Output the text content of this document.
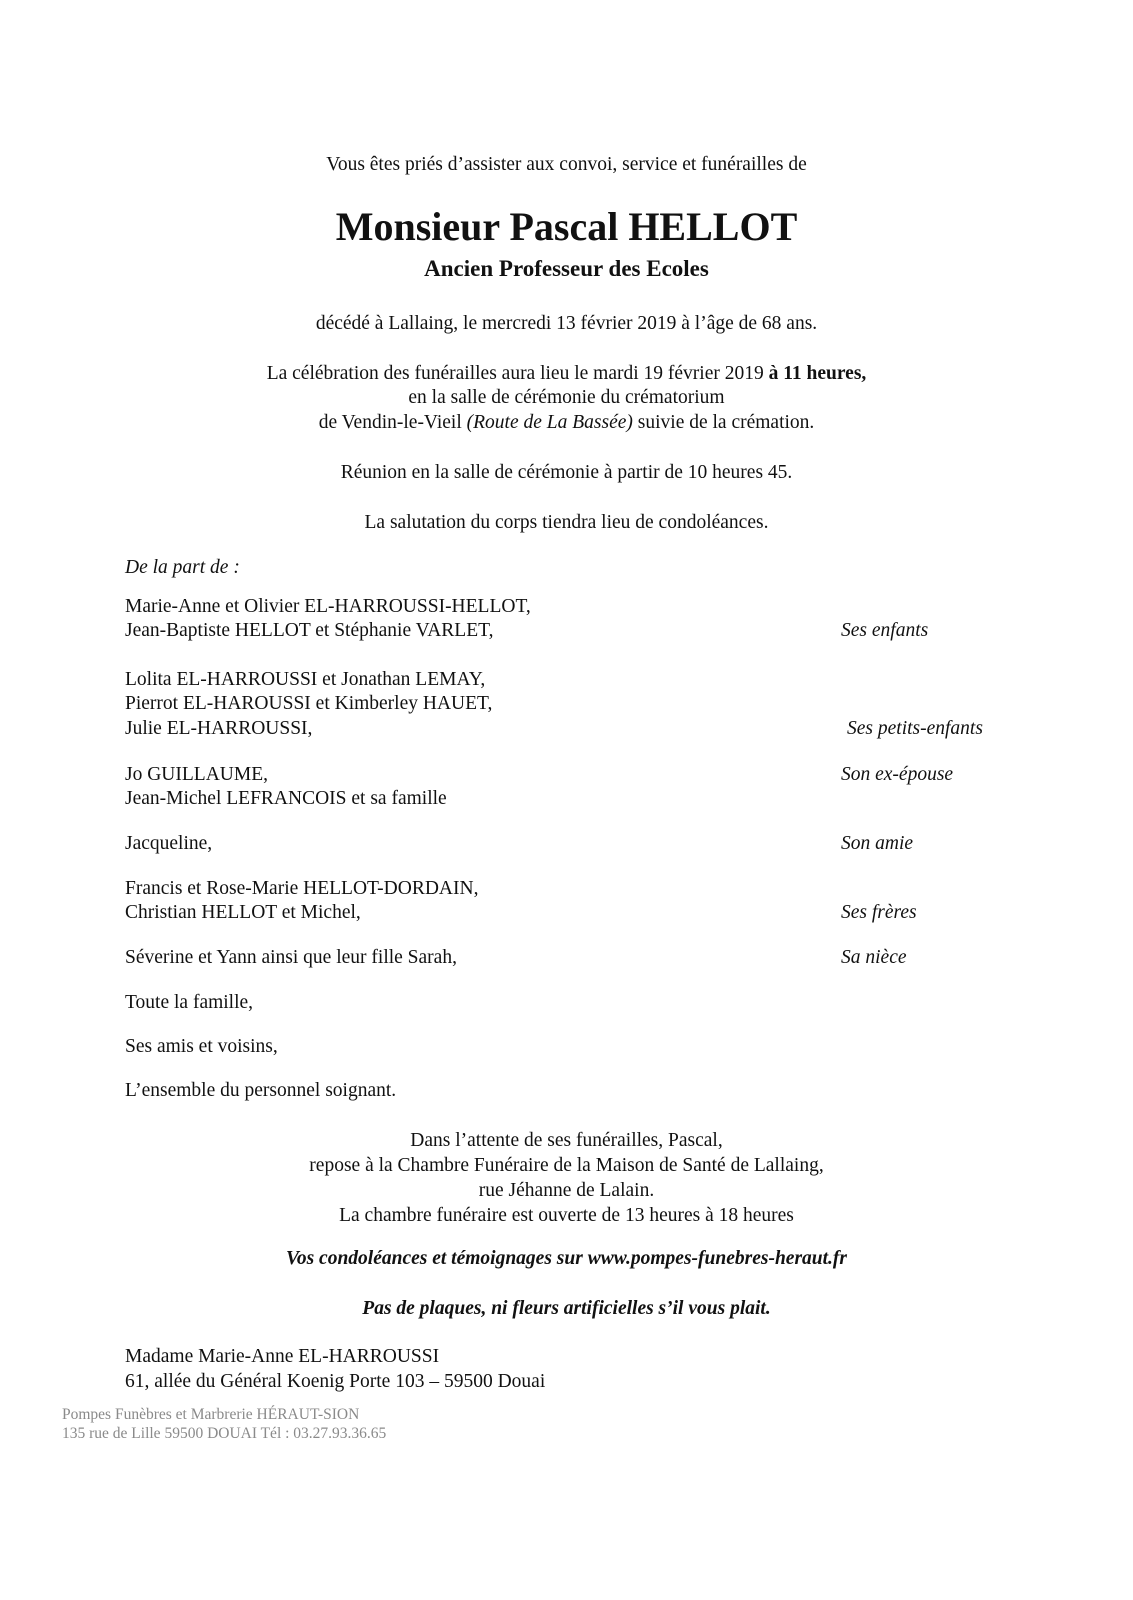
Vous êtes priés d’assister aux convoi, service et funérailles de
Monsieur Pascal HELLOT
Ancien Professeur des Ecoles
décédé à Lallaing, le mercredi 13 février 2019 à l’âge de 68 ans.
La célébration des funérailles aura lieu le mardi 19 février 2019 à 11 heures,
en la salle de cérémonie du crématorium
de Vendin-le-Vieil (Route de La Bassée) suivie de la crémation.
Réunion en la salle de cérémonie à partir de 10 heures 45.
La salutation du corps tiendra lieu de condoléances.
De la part de :
Marie-Anne et Olivier EL-HARROUSSI-HELLOT,
Jean-Baptiste HELLOT et Stéphanie VARLET,	Ses enfants
Lolita EL-HARROUSSI et Jonathan LEMAY,
Pierrot EL-HAROUSSI et Kimberley HAUET,
Julie EL-HARROUSSI,	Ses petits-enfants
Jo GUILLAUME,	Son ex-épouse
Jean-Michel LEFRANCOIS et sa famille
Jacqueline,	Son amie
Francis et Rose-Marie HELLOT-DORDAIN,
Christian HELLOT et Michel,	Ses frères
Séverine et Yann ainsi que leur fille Sarah,	Sa nièce
Toute la famille,
Ses amis et voisins,
L’ensemble du personnel soignant.
Dans l’attente de ses funérailles, Pascal,
repose à la Chambre Funéraire de la Maison de Santé de Lallaing,
rue Jéhanne de Lalain.
La chambre funéraire est ouverte de 13 heures à 18 heures
Vos condoléances et témoignages sur www.pompes-funebres-heraut.fr
Pas de plaques, ni fleurs artificielles s’il vous plait.
Madame Marie-Anne EL-HARROUSSI
61, allée du Général Koenig Porte 103 – 59500 Douai
Pompes Funèbres et Marbrerie HÉRAUT-SION
135 rue de Lille 59500 DOUAI Tél : 03.27.93.36.65
